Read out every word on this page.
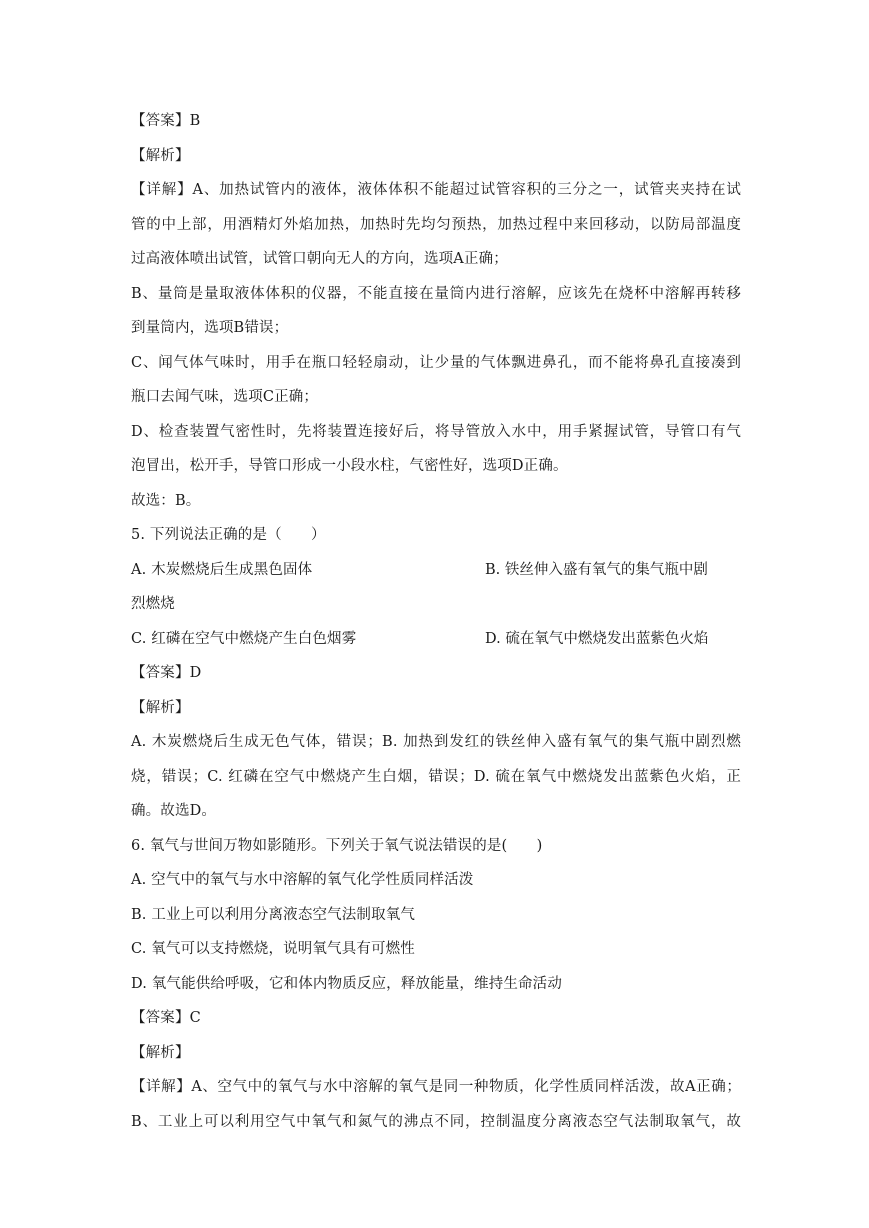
【答案】B
【解析】
【详解】A、加热试管内的液体，液体体积不能超过试管容积的三分之一，试管夹夹持在试
管的中上部，用酒精灯外焰加热，加热时先均匀预热，加热过程中来回移动，以防局部温度
过高液体喷出试管，试管口朝向无人的方向，选项A正确；
B、量筒是量取液体体积的仪器，不能直接在量筒内进行溶解，应该先在烧杯中溶解再转移
到量筒内，选项B错误；
C、闻气体气味时，用手在瓶口轻轻扇动，让少量的气体飘进鼻孔，而不能将鼻孔直接凑到
瓶口去闻气味，选项C正确；
D、检查装置气密性时，先将装置连接好后，将导管放入水中，用手紧握试管，导管口有气
泡冒出，松开手，导管口形成一小段水柱，气密性好，选项D正确。
故选：B。
5. 下列说法正确的是（　　）
A. 木炭燃烧后生成黑色固体	B. 铁丝伸入盛有氧气的集气瓶中剧
烈燃烧
C. 红磷在空气中燃烧产生白色烟雾	D. 硫在氧气中燃烧发出蓝紫色火焰
【答案】D
【解析】
A. 木炭燃烧后生成无色气体，错误；B. 加热到发红的铁丝伸入盛有氧气的集气瓶中剧烈燃
烧，错误；C. 红磷在空气中燃烧产生白烟，错误；D. 硫在氧气中燃烧发出蓝紫色火焰，正
确。故选D。
6. 氧气与世间万物如影随形。下列关于氧气说法错误的是(　　)
A. 空气中的氧气与水中溶解的氧气化学性质同样活泼
B. 工业上可以利用分离液态空气法制取氧气
C. 氧气可以支持燃烧，说明氧气具有可燃性
D. 氧气能供给呼吸，它和体内物质反应，释放能量，维持生命活动
【答案】C
【解析】
【详解】A、空气中的氧气与水中溶解的氧气是同一种物质，化学性质同样活泼，故A正确；
B、工业上可以利用空气中氧气和氮气的沸点不同，控制温度分离液态空气法制取氧气，故
